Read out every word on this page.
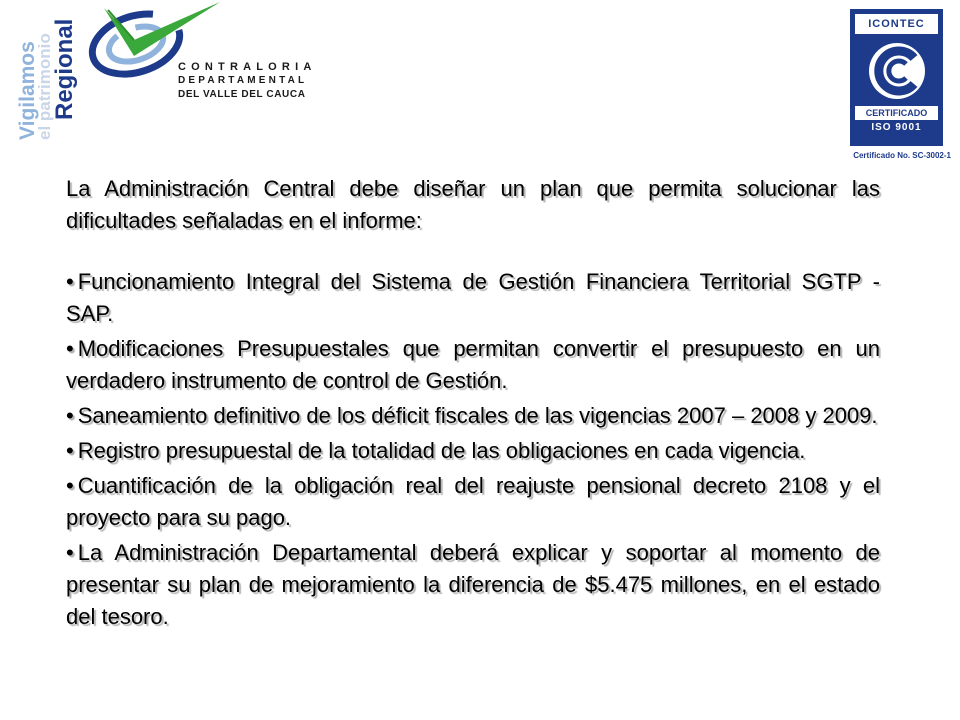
Vigilamos
el patrimonio
Regional	CONTRALORIA
DEPARTAMENTAL
DEL VALLE DEL CAUCA
ICONTEC
CERTIFICADO
ISO 9001
Certificado No. SC-3002-1

La Administración Central debe diseñar un plan que permita solucionar las dificultades señaladas en el informe:

• Funcionamiento Integral del Sistema de Gestión Financiera Territorial SGTP - SAP.
• Modificaciones Presupuestales que permitan convertir el presupuesto en un verdadero instrumento de control de Gestión.
• Saneamiento definitivo de los déficit fiscales de las vigencias 2007 – 2008 y 2009.
• Registro presupuestal de la totalidad de las obligaciones en cada vigencia.
• Cuantificación de la obligación real del reajuste pensional decreto 2108 y el proyecto para su pago.
• La Administración Departamental deberá explicar y soportar al momento de presentar su plan de mejoramiento la diferencia de $5.475 millones, en el estado del tesoro.
